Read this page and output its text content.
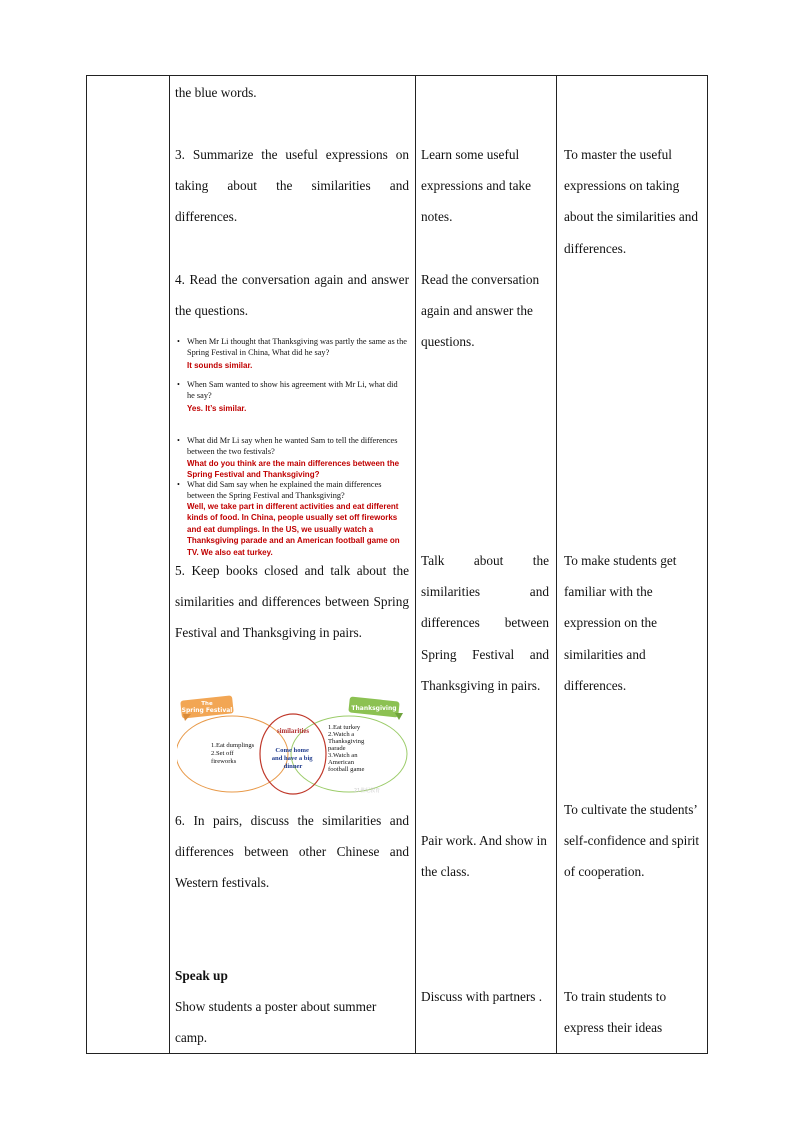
the blue words.
3. Summarize the useful expressions on taking about the similarities and differences.
4. Read the conversation again and answer the questions.
• When Mr Li thought that Thanksgiving was partly the same as the Spring Festival in China, What did he say?
It sounds similar.
• When Sam wanted to show his agreement with Mr Li, what did he say?
Yes. It’s similar.
• What did Mr Li say when he wanted Sam to tell the differences between the two festivals?
What do you think are the main differences between the Spring Festival and Thanksgiving?
• What did Sam say when he explained the main differences between the Spring Festival and Thanksgiving?
Well, we take part in different activities and eat different kinds of food. In China, people usually set off fireworks and eat dumplings. In the US, we usually watch a Thanksgiving parade and an American football game on TV. We also eat turkey.
5. Keep books closed and talk about the similarities and differences between Spring Festival and Thanksgiving in pairs.
The
Spring Festival	Thanksgiving
1.Eat dumplings 2.Set off fireworks
similarities
Come home and have a big dinner
1.Eat turkey 2.Watch a Thanksgiving parade 3.Watch an American football game
21世纪教育
6. In pairs, discuss the similarities and differences between other Chinese and Western festivals.
Speak up
Show students a poster about summer camp.
Learn some useful expressions and take notes.
Read the conversation again and answer the questions.
Talk about the similarities and differences between Spring Festival and Thanksgiving in pairs.
Pair work. And show in the class.
Discuss with partners .
To master the useful expressions on taking about the similarities and differences.
To make students get familiar with the expression on the similarities and differences.
To cultivate the students’ self-confidence and spirit of cooperation.
To train students to express their ideas
